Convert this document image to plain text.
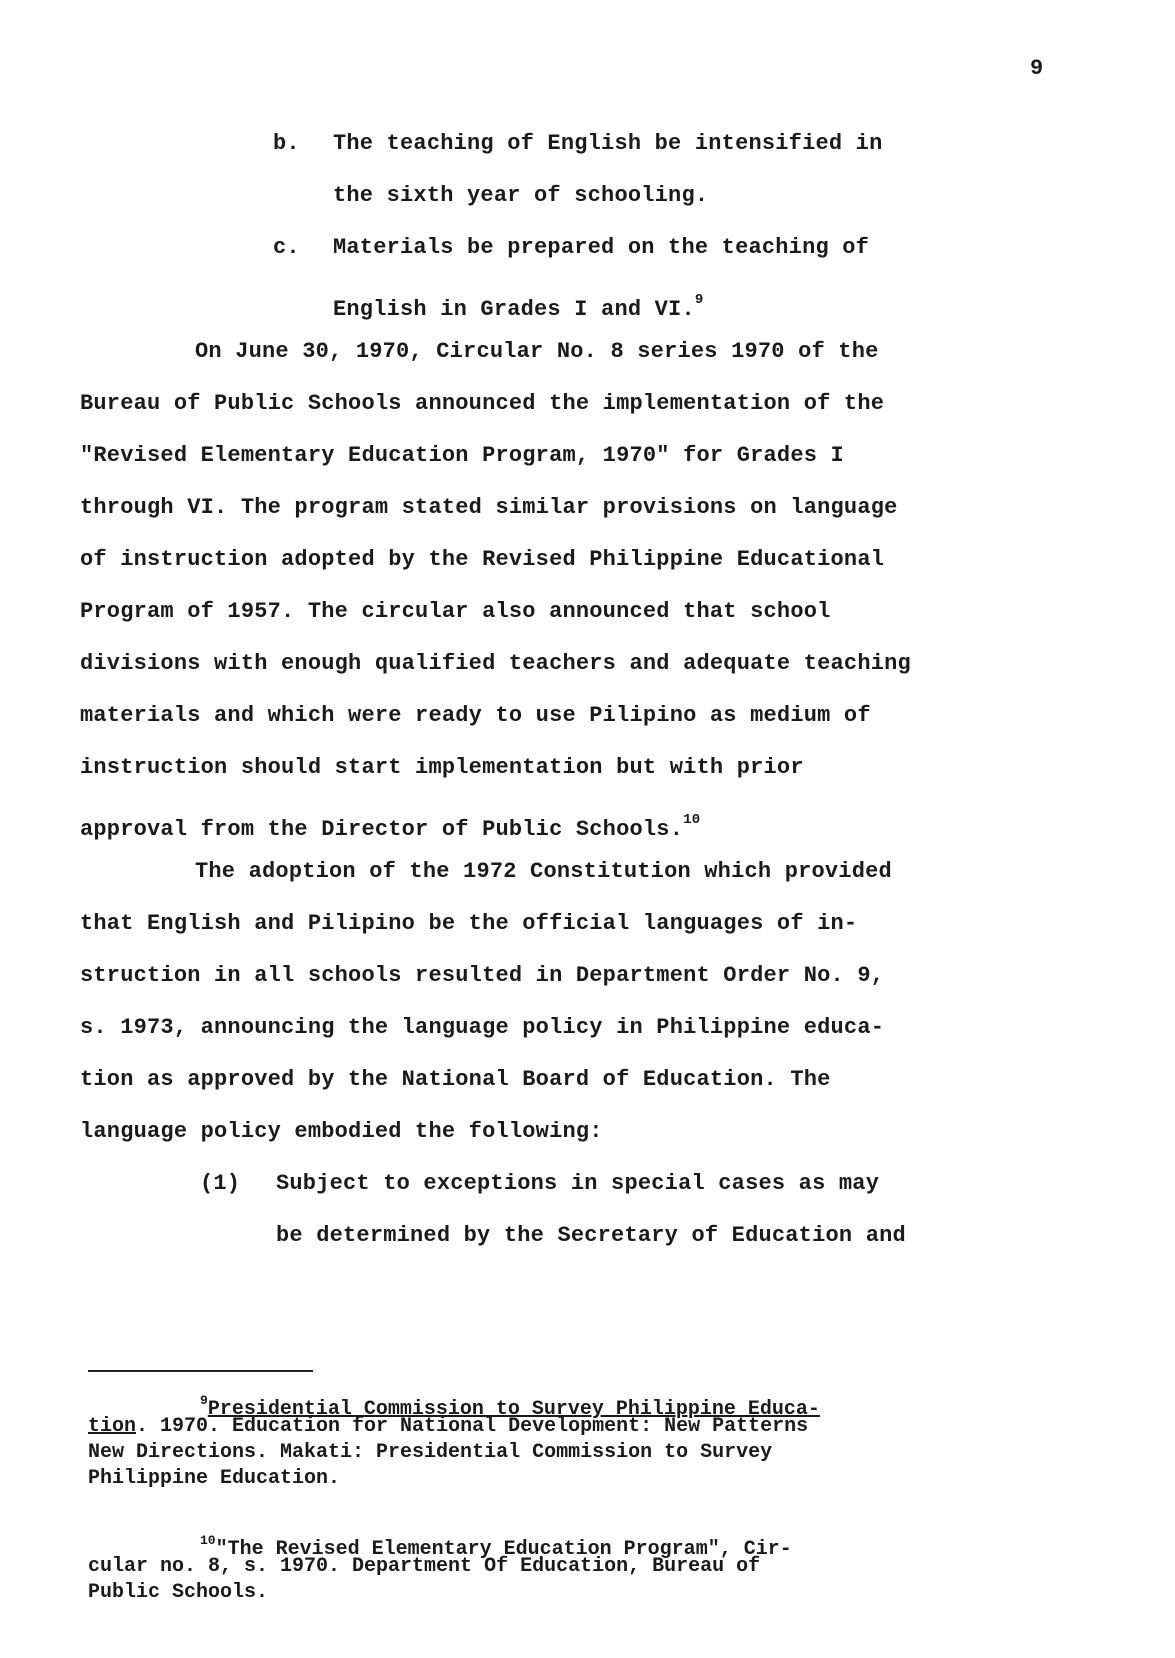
9
b. The teaching of English be intensified in
the sixth year of schooling.
c. Materials be prepared on the teaching of
English in Grades I and VI.$^9$
On June 30, 1970, Circular No. 8 series 1970 of the
Bureau of Public Schools announced the implementation of the
"Revised Elementary Education Program, 1970" for Grades I
through VI. The program stated similar provisions on language
of instruction adopted by the Revised Philippine Educational
Program of 1957. The circular also announced that school
divisions with enough qualified teachers and adequate teaching
materials and which were ready to use Pilipino as medium of
instruction should start implementation but with prior
approval from the Director of Public Schools.$^{10}$
The adoption of the 1972 Constitution which provided
that English and Pilipino be the official languages of in-
struction in all schools resulted in Department Order No. 9,
s. 1973, announcing the language policy in Philippine educa-
tion as approved by the National Board of Education. The
language policy embodied the following:
(1) Subject to exceptions in special cases as may
be determined by the Secretary of Education and
$^9$Presidential Commission to Survey Philippine Educa-
tion. 1970. Education for National Development: New Patterns
New Directions. Makati: Presidential Commission to Survey
Philippine Education.
$^{10}$"The Revised Elementary Education Program", Cir-
cular no. 8, s. 1970. Department Of Education, Bureau of
Public Schools.
